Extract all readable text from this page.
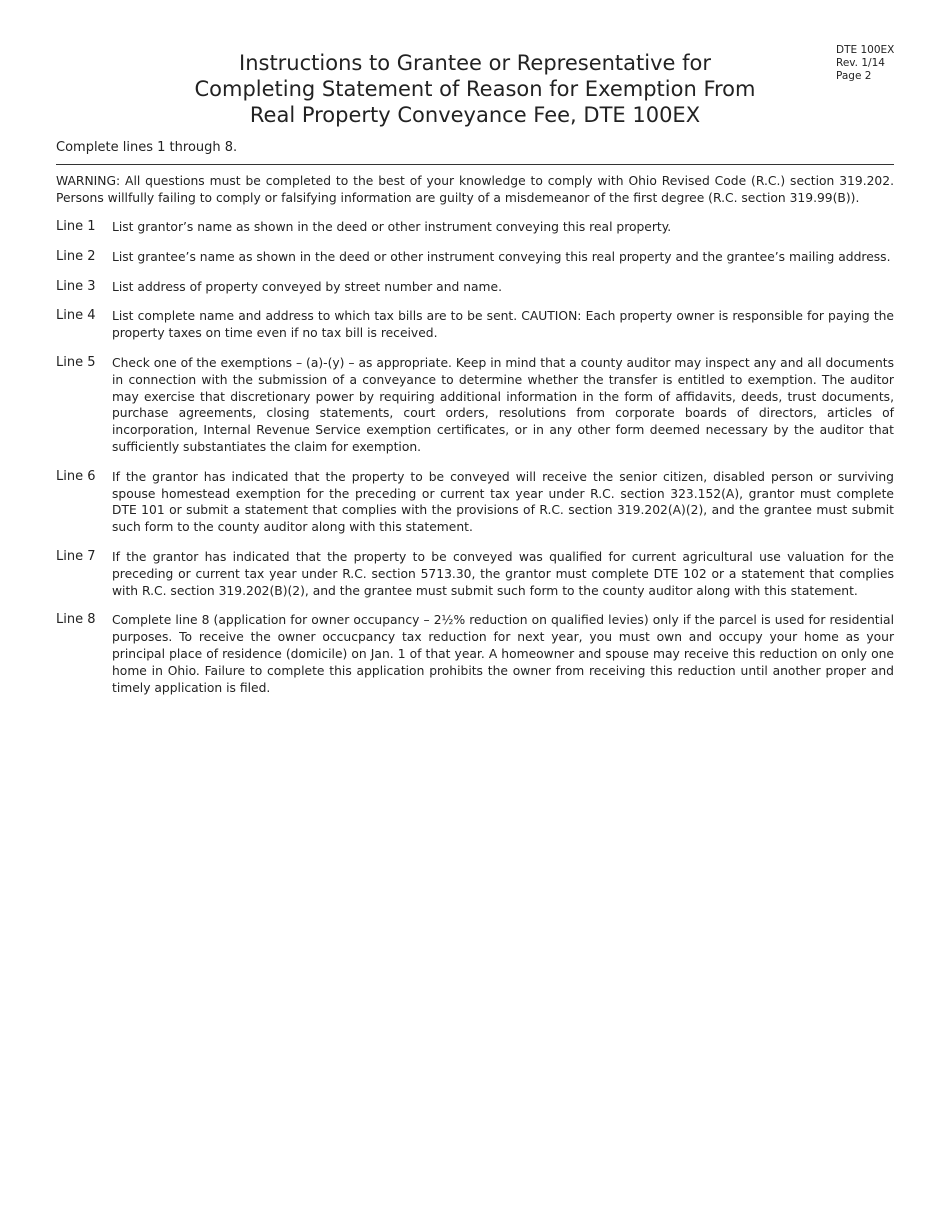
DTE 100EX
Rev. 1/14
Page 2
Instructions to Grantee or Representative for
Completing Statement of Reason for Exemption From
Real Property Conveyance Fee, DTE 100EX
Complete lines 1 through 8.
WARNING: All questions must be completed to the best of your knowledge to comply with Ohio Revised Code (R.C.) section 319.202. Persons willfully failing to comply or falsifying information are guilty of a misdemeanor of the first degree (R.C. section 319.99(B)).
Line 1	List grantor’s name as shown in the deed or other instrument conveying this real property.
Line 2	List grantee’s name as shown in the deed or other instrument conveying this real property and the grantee’s mailing address.
Line 3	List address of property conveyed by street number and name.
Line 4	List complete name and address to which tax bills are to be sent. CAUTION: Each property owner is responsible for paying the property taxes on time even if no tax bill is received.
Line 5	Check one of the exemptions – (a)-(y) – as appropriate. Keep in mind that a county auditor may inspect any and all documents in connection with the submission of a conveyance to determine whether the transfer is entitled to exemption. The auditor may exercise that discretionary power by requiring additional information in the form of affidavits, deeds, trust documents, purchase agreements, closing statements, court orders, resolutions from corporate boards of directors, articles of incorporation, Internal Revenue Service exemption certificates, or in any other form deemed necessary by the auditor that sufficiently substantiates the claim for exemption.
Line 6	If the grantor has indicated that the property to be conveyed will receive the senior citizen, disabled person or surviving spouse homestead exemption for the preceding or current tax year under R.C. section 323.152(A), grantor must complete DTE 101 or submit a statement that complies with the provisions of R.C. section 319.202(A)(2), and the grantee must submit such form to the county auditor along with this statement.
Line 7	If the grantor has indicated that the property to be conveyed was qualified for current agricultural use valuation for the preceding or current tax year under R.C. section 5713.30, the grantor must complete DTE 102 or a statement that complies with R.C. section 319.202(B)(2), and the grantee must submit such form to the county auditor along with this statement.
Line 8	Complete line 8 (application for owner occupancy – 2½% reduction on qualified levies) only if the parcel is used for residential purposes. To receive the owner occucpancy tax reduction for next year, you must own and occupy your home as your principal place of residence (domicile) on Jan. 1 of that year. A homeowner and spouse may receive this reduction on only one home in Ohio. Failure to complete this application prohibits the owner from receiving this reduction until another proper and timely application is filed.
